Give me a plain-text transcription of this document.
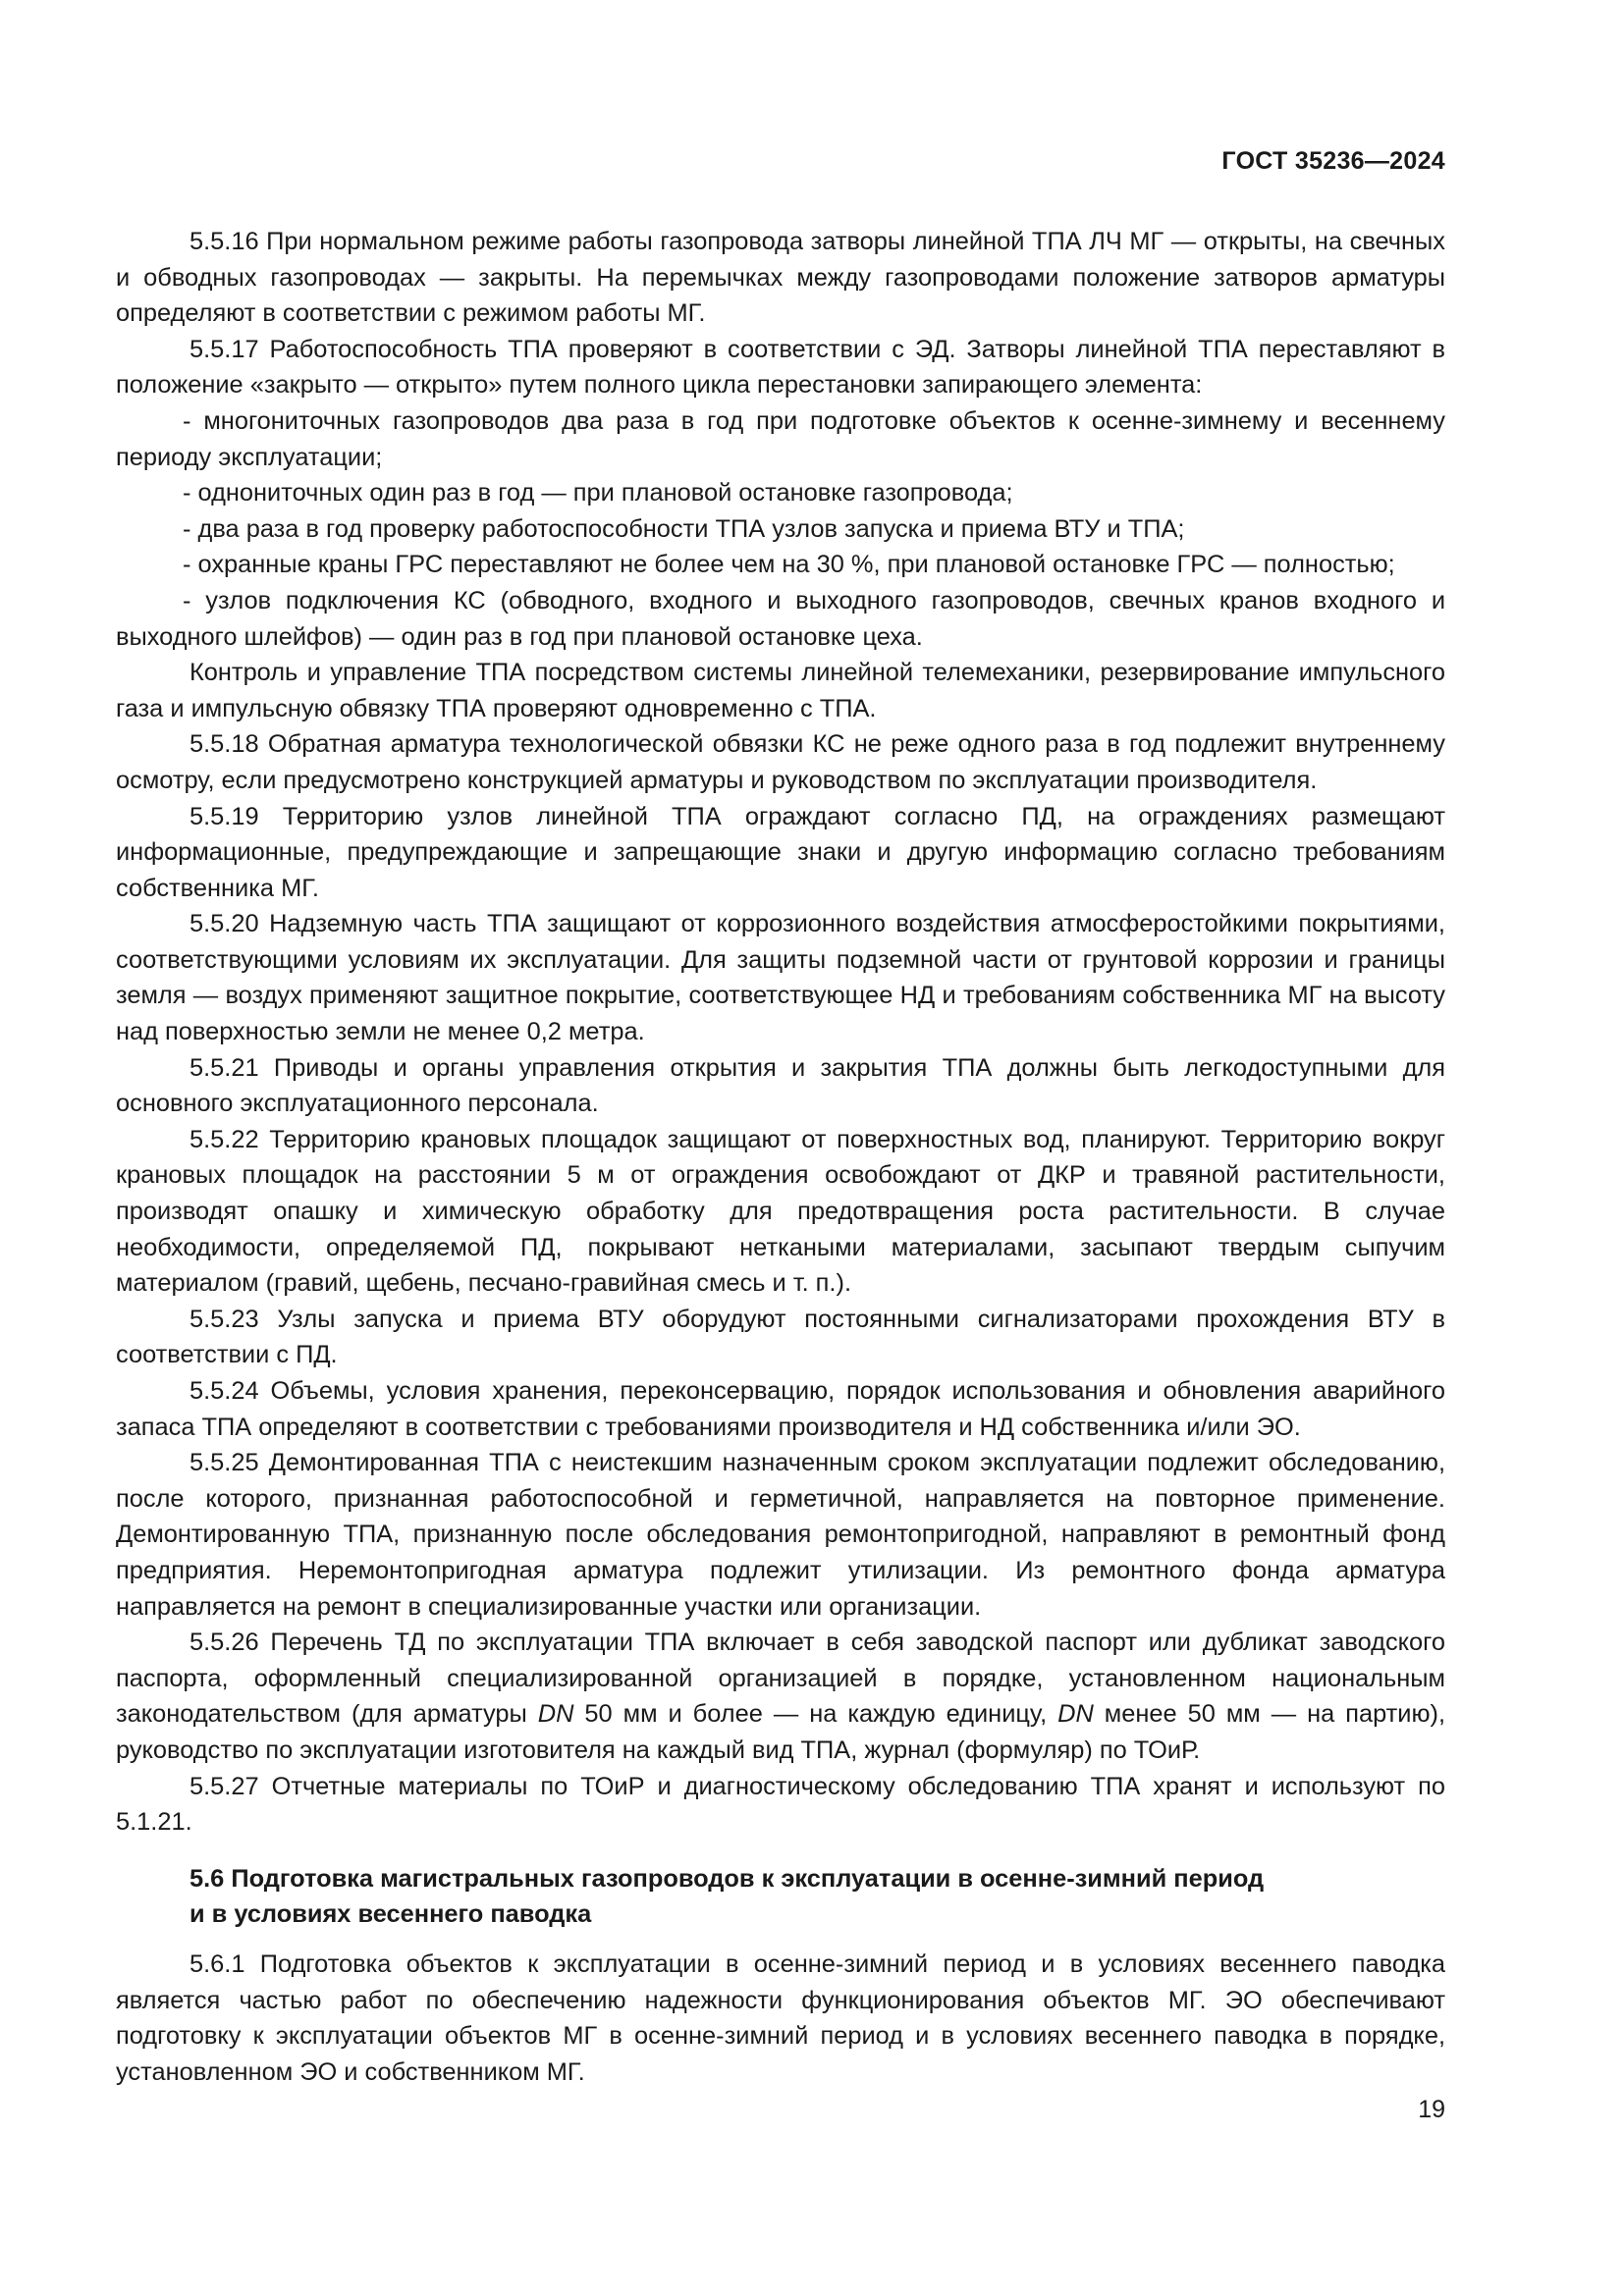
ГОСТ 35236—2024

5.5.16 При нормальном режиме работы газопровода затворы линейной ТПА ЛЧ МГ — открыты, на свечных и обводных газопроводах — закрыты. На перемычках между газопроводами положение затворов арматуры определяют в соответствии с режимом работы МГ.

5.5.17 Работоспособность ТПА проверяют в соответствии с ЭД. Затворы линейной ТПА переставляют в положение «закрыто — открыто» путем полного цикла перестановки запирающего элемента:

- многониточных газопроводов два раза в год при подготовке объектов к осенне-зимнему и весеннему периоду эксплуатации;

- однониточных один раз в год — при плановой остановке газопровода;

- два раза в год проверку работоспособности ТПА узлов запуска и приема ВТУ и ТПА;

- охранные краны ГРС переставляют не более чем на 30 %, при плановой остановке ГРС — полностью;

- узлов подключения КС (обводного, входного и выходного газопроводов, свечных кранов входного и выходного шлейфов) — один раз в год при плановой остановке цеха.

Контроль и управление ТПА посредством системы линейной телемеханики, резервирование импульсного газа и импульсную обвязку ТПА проверяют одновременно с ТПА.

5.5.18 Обратная арматура технологической обвязки КС не реже одного раза в год подлежит внутреннему осмотру, если предусмотрено конструкцией арматуры и руководством по эксплуатации производителя.

5.5.19 Территорию узлов линейной ТПА ограждают согласно ПД, на ограждениях размещают информационные, предупреждающие и запрещающие знаки и другую информацию согласно требованиям собственника МГ.

5.5.20 Надземную часть ТПА защищают от коррозионного воздействия атмосферостойкими покрытиями, соответствующими условиям их эксплуатации. Для защиты подземной части от грунтовой коррозии и границы земля — воздух применяют защитное покрытие, соответствующее НД и требованиям собственника МГ на высоту над поверхностью земли не менее 0,2 метра.

5.5.21 Приводы и органы управления открытия и закрытия ТПА должны быть легкодоступными для основного эксплуатационного персонала.

5.5.22 Территорию крановых площадок защищают от поверхностных вод, планируют. Территорию вокруг крановых площадок на расстоянии 5 м от ограждения освобождают от ДКР и травяной растительности, производят опашку и химическую обработку для предотвращения роста растительности. В случае необходимости, определяемой ПД, покрывают неткаными материалами, засыпают твердым сыпучим материалом (гравий, щебень, песчано-гравийная смесь и т. п.).

5.5.23 Узлы запуска и приема ВТУ оборудуют постоянными сигнализаторами прохождения ВТУ в соответствии с ПД.

5.5.24 Объемы, условия хранения, переконсервацию, порядок использования и обновления аварийного запаса ТПА определяют в соответствии с требованиями производителя и НД собственника и/или ЭО.

5.5.25 Демонтированная ТПА с неистекшим назначенным сроком эксплуатации подлежит обследованию, после которого, признанная работоспособной и герметичной, направляется на повторное применение. Демонтированную ТПА, признанную после обследования ремонтопригодной, направляют в ремонтный фонд предприятия. Неремонтопригодная арматура подлежит утилизации. Из ремонтного фонда арматура направляется на ремонт в специализированные участки или организации.

5.5.26 Перечень ТД по эксплуатации ТПА включает в себя заводской паспорт или дубликат заводского паспорта, оформленный специализированной организацией в порядке, установленном национальным законодательством (для арматуры DN 50 мм и более — на каждую единицу, DN менее 50 мм — на партию), руководство по эксплуатации изготовителя на каждый вид ТПА, журнал (формуляр) по ТОиР.

5.5.27 Отчетные материалы по ТОиР и диагностическому обследованию ТПА хранят и используют по 5.1.21.

5.6 Подготовка магистральных газопроводов к эксплуатации в осенне-зимний период
и в условиях весеннего паводка

5.6.1 Подготовка объектов к эксплуатации в осенне-зимний период и в условиях весеннего паводка является частью работ по обеспечению надежности функционирования объектов МГ. ЭО обеспечивают подготовку к эксплуатации объектов МГ в осенне-зимний период и в условиях весеннего паводка в порядке, установленном ЭО и собственником МГ.

19
